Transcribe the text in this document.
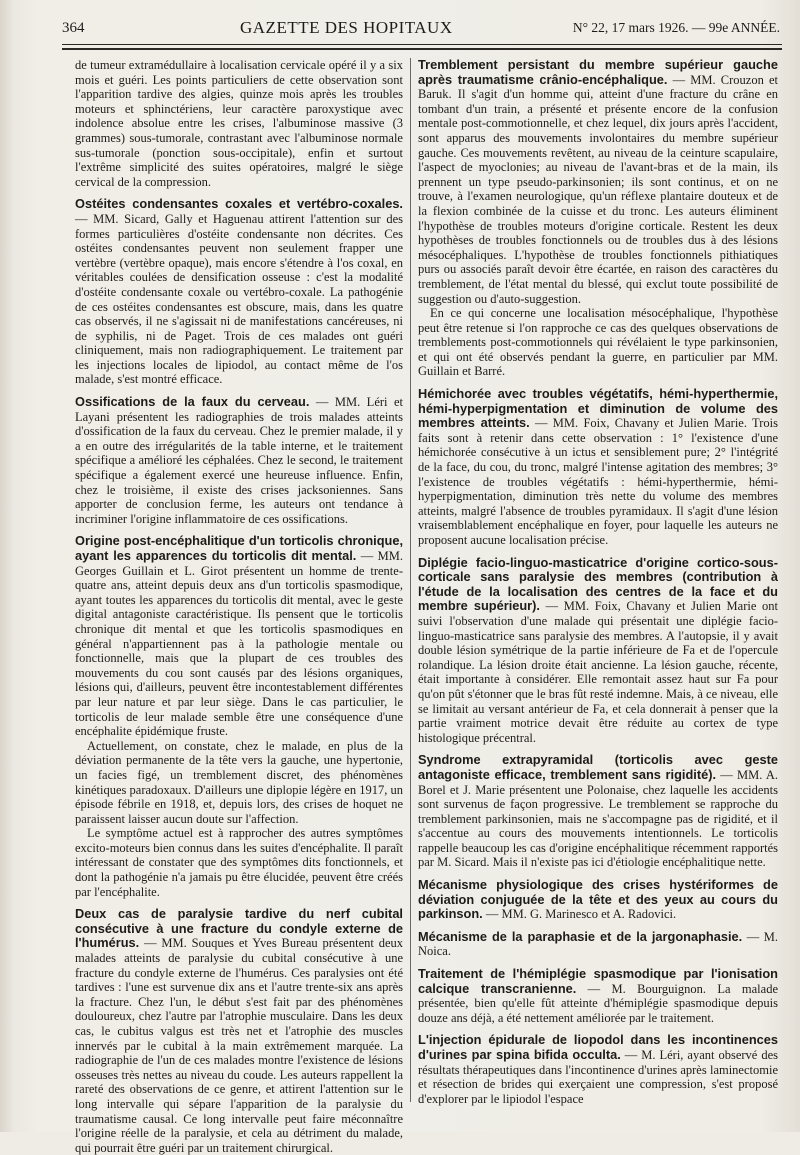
364	GAZETTE DES HOPITAUX	N° 22, 17 mars 1926. — 99e ANNÉE.

de tumeur extramédullaire à localisation cervicale opéré il y a six mois et guéri. Les points particuliers de cette observation sont l'apparition tardive des algies, quinze mois après les troubles moteurs et sphinctériens, leur caractère paroxystique avec indolence absolue entre les crises, l'albuminose massive (3 grammes) sous-tumorale, contrastant avec l'albuminose normale sus-tumorale (ponction sous-occipitale), enfin et surtout l'extrême simplicité des suites opératoires, malgré le siège cervical de la compression.

Ostéites condensantes coxales et vertébro-coxales. — MM. Sicard, Gally et Haguenau attirent l'attention sur des formes particulières d'ostéite condensante non décrites. Ces ostéites condensantes peuvent non seulement frapper une vertèbre (vertèbre opaque), mais encore s'étendre à l'os coxal, en véritables coulées de densification osseuse : c'est la modalité d'ostéite condensante coxale ou vertébro-coxale. La pathogénie de ces ostéites condensantes est obscure, mais, dans les quatre cas observés, il ne s'agissait ni de manifestations cancéreuses, ni de syphilis, ni de Paget. Trois de ces malades ont guéri cliniquement, mais non radiographiquement. Le traitement par les injections locales de lipiodol, au contact même de l'os malade, s'est montré efficace.

Ossifications de la faux du cerveau. — MM. Léri et Layani présentent les radiographies de trois malades atteints d'ossification de la faux du cerveau. Chez le premier malade, il y a en outre des irrégularités de la table interne, et le traitement spécifique a amélioré les céphalées. Chez le second, le traitement spécifique a également exercé une heureuse influence. Enfin, chez le troisième, il existe des crises jacksoniennes. Sans apporter de conclusion ferme, les auteurs ont tendance à incriminer l'origine inflammatoire de ces ossifications.

Origine post-encéphalitique d'un torticolis chronique, ayant les apparences du torticolis dit mental. — MM. Georges Guillain et L. Girot présentent un homme de trente-quatre ans, atteint depuis deux ans d'un torticolis spasmodique, ayant toutes les apparences du torticolis dit mental, avec le geste digital antagoniste caractéristique. Ils pensent que le torticolis chronique dit mental et que les torticolis spasmodiques en général n'appartiennent pas à la pathologie mentale ou fonctionnelle, mais que la plupart de ces troubles des mouvements du cou sont causés par des lésions organiques, lésions qui, d'ailleurs, peuvent être incontestablement différentes par leur nature et par leur siège. Dans le cas particulier, le torticolis de leur malade semble être une conséquence d'une encéphalite épidémique fruste.

Actuellement, on constate, chez le malade, en plus de la déviation permanente de la tête vers la gauche, une hypertonie, un facies figé, un tremblement discret, des phénomènes kinétiques paradoxaux. D'ailleurs une diplopie légère en 1917, un épisode fébrile en 1918, et, depuis lors, des crises de hoquet ne paraissent laisser aucun doute sur l'affection.

Le symptôme actuel est à rapprocher des autres symptômes excito-moteurs bien connus dans les suites d'encéphalite. Il paraît intéressant de constater que des symptômes dits fonctionnels, et dont la pathogénie n'a jamais pu être élucidée, peuvent être créés par l'encéphalite.

Deux cas de paralysie tardive du nerf cubital consécutive à une fracture du condyle externe de l'humérus. — MM. Souques et Yves Bureau présentent deux malades atteints de paralysie du cubital consécutive à une fracture du condyle externe de l'humérus. Ces paralysies ont été tardives : l'une est survenue dix ans et l'autre trente-six ans après la fracture. Chez l'un, le début s'est fait par des phénomènes douloureux, chez l'autre par l'atrophie musculaire. Dans les deux cas, le cubitus valgus est très net et l'atrophie des muscles innervés par le cubital à la main extrêmement marquée. La radiographie de l'un de ces malades montre l'existence de lésions osseuses très nettes au niveau du coude. Les auteurs rappellent la rareté des observations de ce genre, et attirent l'attention sur le long intervalle qui sépare l'apparition de la paralysie du traumatisme causal. Ce long intervalle peut faire méconnaître l'origine réelle de la paralysie, et cela au détriment du malade, qui pourrait être guéri par un traitement chirurgical.

Tremblement persistant du membre supérieur gauche après traumatisme crânio-encéphalique. — MM. Crouzon et Baruk. Il s'agit d'un homme qui, atteint d'une fracture du crâne en tombant d'un train, a présenté et présente encore de la confusion mentale post-commotionnelle, et chez lequel, dix jours après l'accident, sont apparus des mouvements involontaires du membre supérieur gauche. Ces mouvements revêtent, au niveau de la ceinture scapulaire, l'aspect de myoclonies; au niveau de l'avant-bras et de la main, ils prennent un type pseudo-parkinsonien; ils sont continus, et on ne trouve, à l'examen neurologique, qu'un réflexe plantaire douteux et de la flexion combinée de la cuisse et du tronc. Les auteurs éliminent l'hypothèse de troubles moteurs d'origine corticale. Restent les deux hypothèses de troubles fonctionnels ou de troubles dus à des lésions mésocéphaliques. L'hypothèse de troubles fonctionnels pithiatiques purs ou associés paraît devoir être écartée, en raison des caractères du tremblement, de l'état mental du blessé, qui exclut toute possibilité de suggestion ou d'auto-suggestion.

En ce qui concerne une localisation mésocéphalique, l'hypothèse peut être retenue si l'on rapproche ce cas des quelques observations de tremblements post-commotionnels qui révélaient le type parkinsonien, et qui ont été observés pendant la guerre, en particulier par MM. Guillain et Barré.

Hémichorée avec troubles végétatifs, hémi-hyperthermie, hémi-hyperpigmentation et diminution de volume des membres atteints. — MM. Foix, Chavany et Julien Marie. Trois faits sont à retenir dans cette observation : 1° l'existence d'une hémichorée consécutive à un ictus et sensiblement pure; 2° l'intégrité de la face, du cou, du tronc, malgré l'intense agitation des membres; 3° l'existence de troubles végétatifs : hémi-hyperthermie, hémi-hyperpigmentation, diminution très nette du volume des membres atteints, malgré l'absence de troubles pyramidaux. Il s'agit d'une lésion vraisemblablement encéphalique en foyer, pour laquelle les auteurs ne proposent aucune localisation précise.

Diplégie facio-linguo-masticatrice d'origine cortico-sous-corticale sans paralysie des membres (contribution à l'étude de la localisation des centres de la face et du membre supérieur). — MM. Foix, Chavany et Julien Marie ont suivi l'observation d'une malade qui présentait une diplégie facio-linguo-masticatrice sans paralysie des membres. A l'autopsie, il y avait double lésion symétrique de la partie inférieure de Fa et de l'opercule rolandique. La lésion droite était ancienne. La lésion gauche, récente, était importante à considérer. Elle remontait assez haut sur Fa pour qu'on pût s'étonner que le bras fût resté indemne. Mais, à ce niveau, elle se limitait au versant antérieur de Fa, et cela donnerait à penser que la partie vraiment motrice devait être réduite au cortex de type histologique précentral.

Syndrome extrapyramidal (torticolis avec geste antagoniste efficace, tremblement sans rigidité). — MM. A. Borel et J. Marie présentent une Polonaise, chez laquelle les accidents sont survenus de façon progressive. Le tremblement se rapproche du tremblement parkinsonien, mais ne s'accompagne pas de rigidité, et il s'accentue au cours des mouvements intentionnels. Le torticolis rappelle beaucoup les cas d'origine encéphalitique récemment rapportés par M. Sicard. Mais il n'existe pas ici d'étiologie encéphalitique nette.

Mécanisme physiologique des crises hystériformes de déviation conjuguée de la tête et des yeux au cours du parkinson. — MM. G. Marinesco et A. Radovici.

Mécanisme de la paraphasie et de la jargonaphasie. — M. Noica.

Traitement de l'hémiplégie spasmodique par l'ionisation calcique transcranienne. — M. Bourguignon. La malade présentée, bien qu'elle fût atteinte d'hémiplégie spasmodique depuis douze ans déjà, a été nettement améliorée par le traitement.

L'injection épidurale de liopodol dans les incontinences d'urines par spina bifida occulta. — M. Léri, ayant observé des résultats thérapeutiques dans l'incontinence d'urines après laminectomie et résection de brides qui exerçaient une compression, s'est proposé d'explorer par le lipiodol l'espace
